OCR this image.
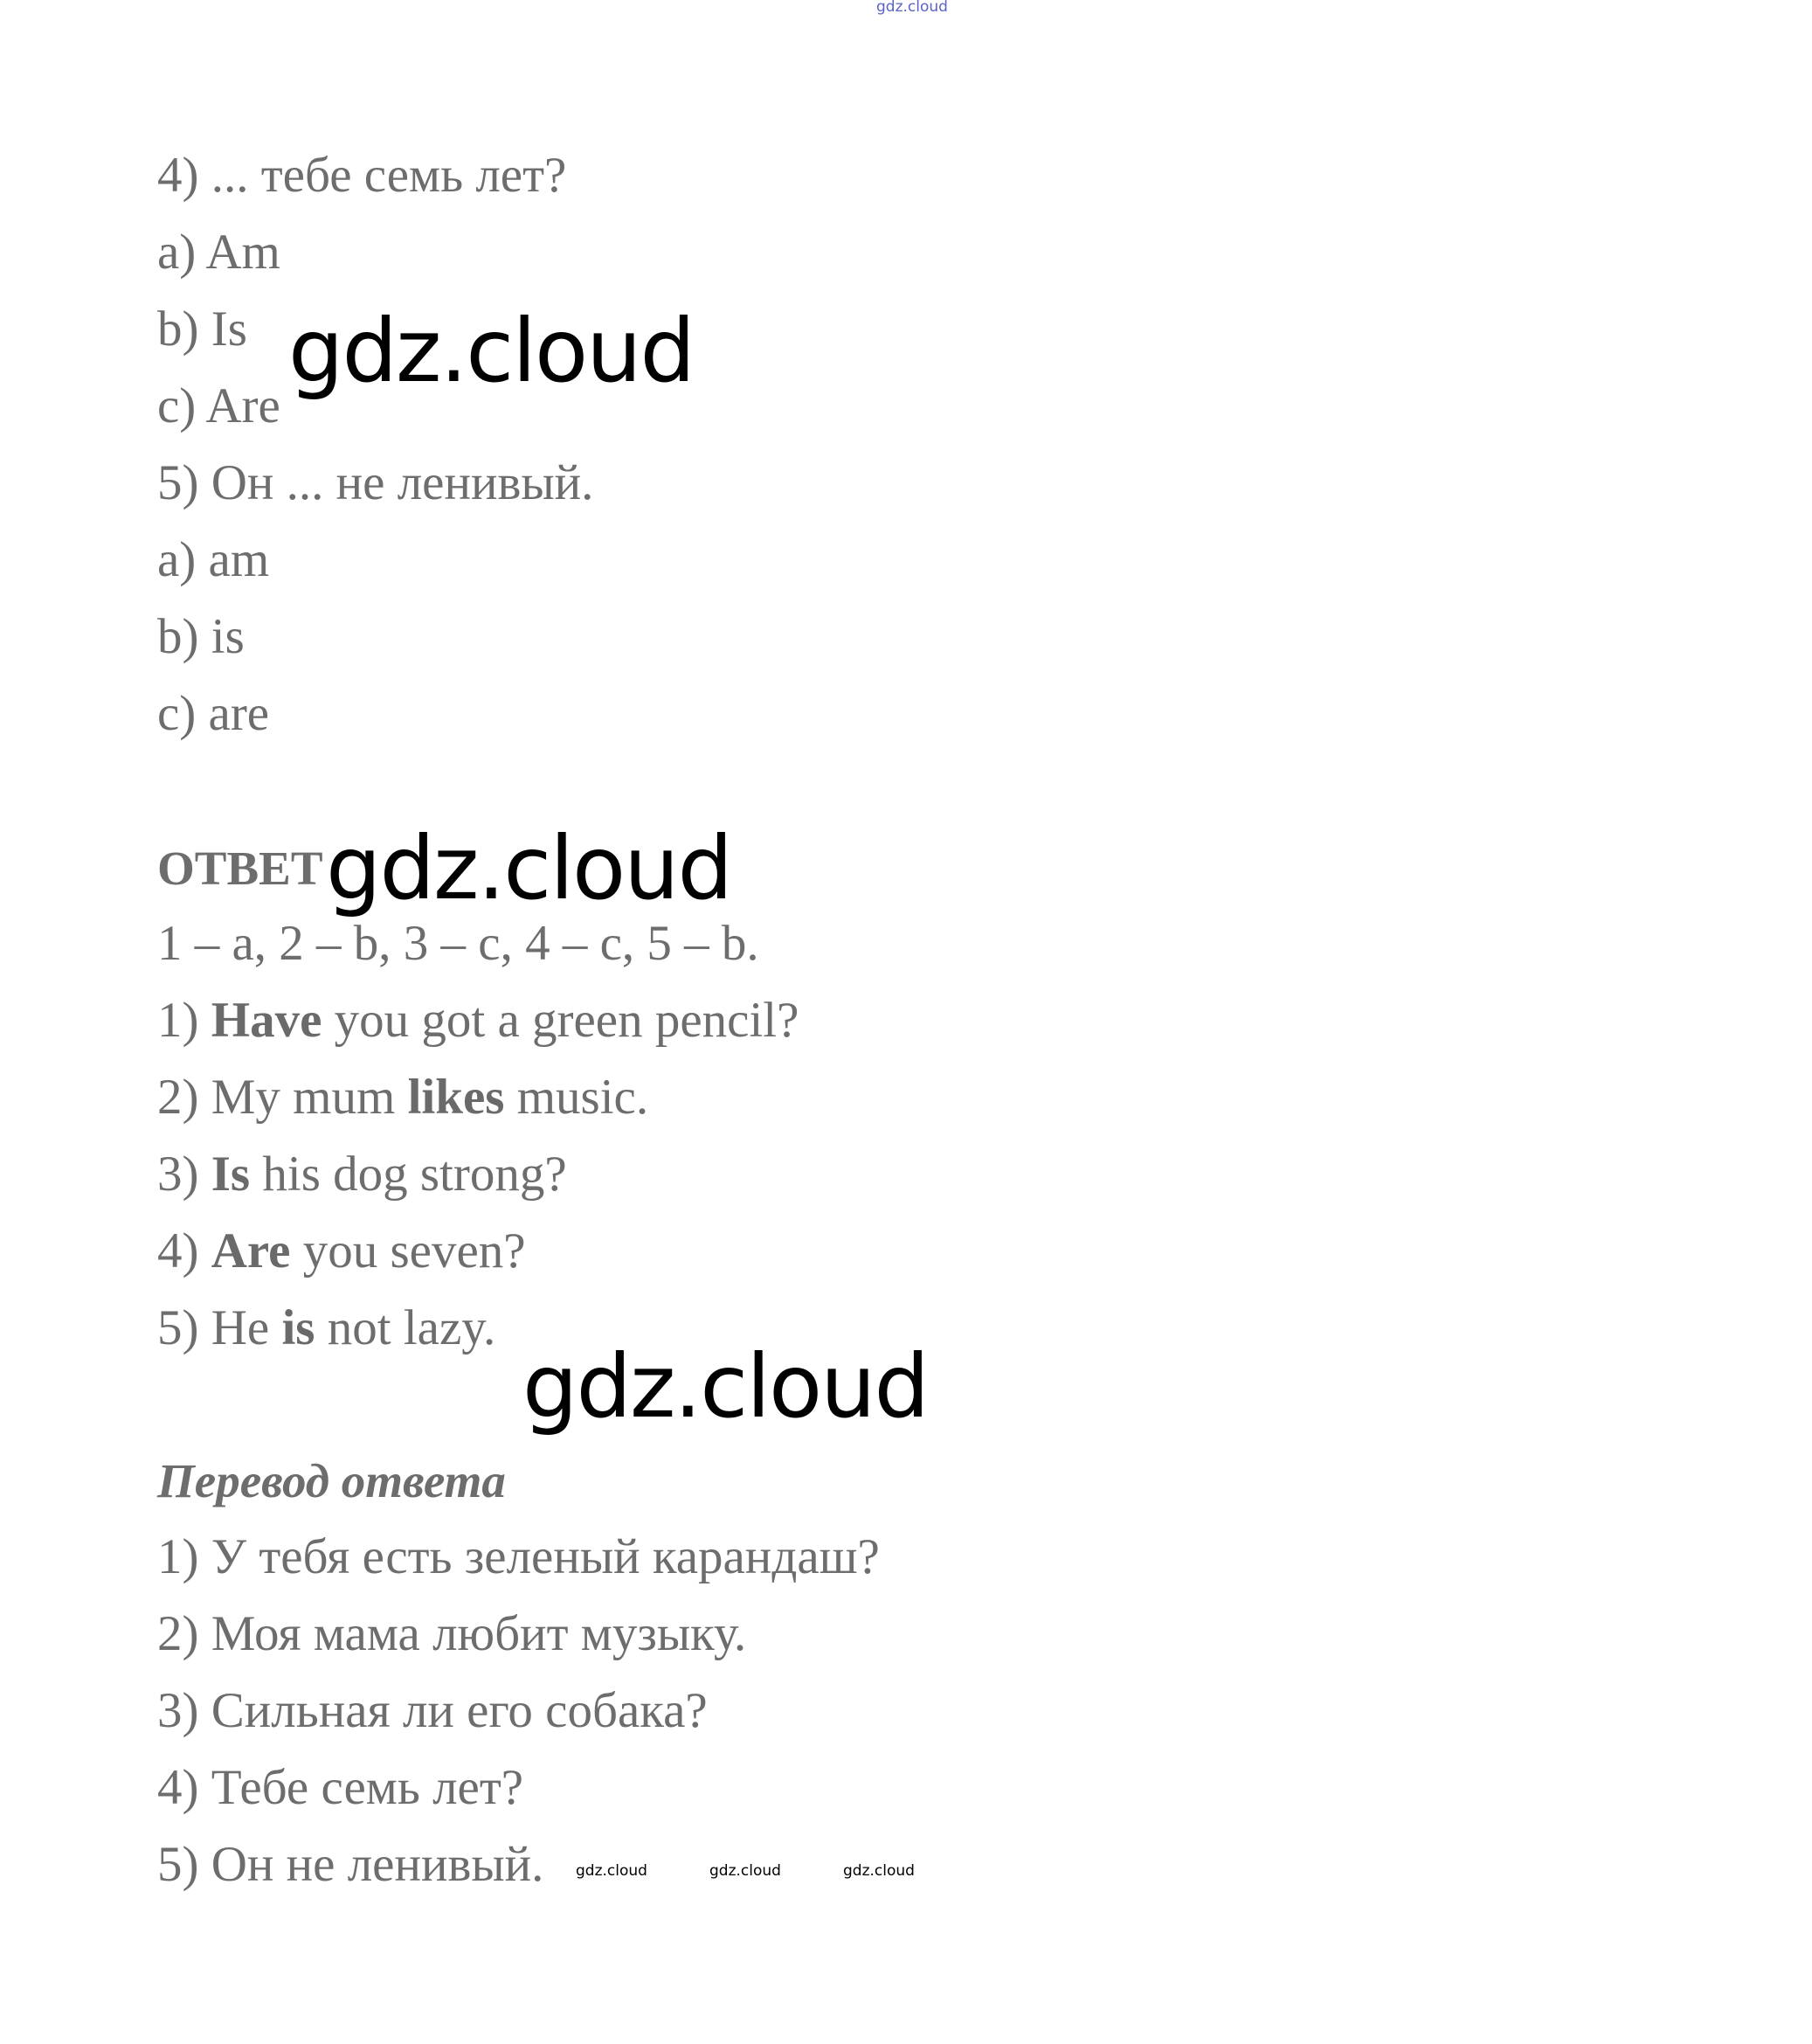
gdz.cloud
4) ... тебе семь лет?
a) Am
b) Is
c) Are
5) Он ... не ленивый.
a) am
b) is
c) are
ОТВЕТ
1 – a, 2 – b, 3 – c, 4 – c, 5 – b.
1) Have you got a green pencil?
2) My mum likes music.
3) Is his dog strong?
4) Are you seven?
5) He is not lazy.
Перевод ответа
1) У тебя есть зеленый карандаш?
2) Моя мама любит музыку.
3) Сильная ли его собака?
4) Тебе семь лет?
5) Он не ленивый.
gdz.cloud
gdz.cloud
gdz.cloud
gdz.cloud	gdz.cloud	gdz.cloud
